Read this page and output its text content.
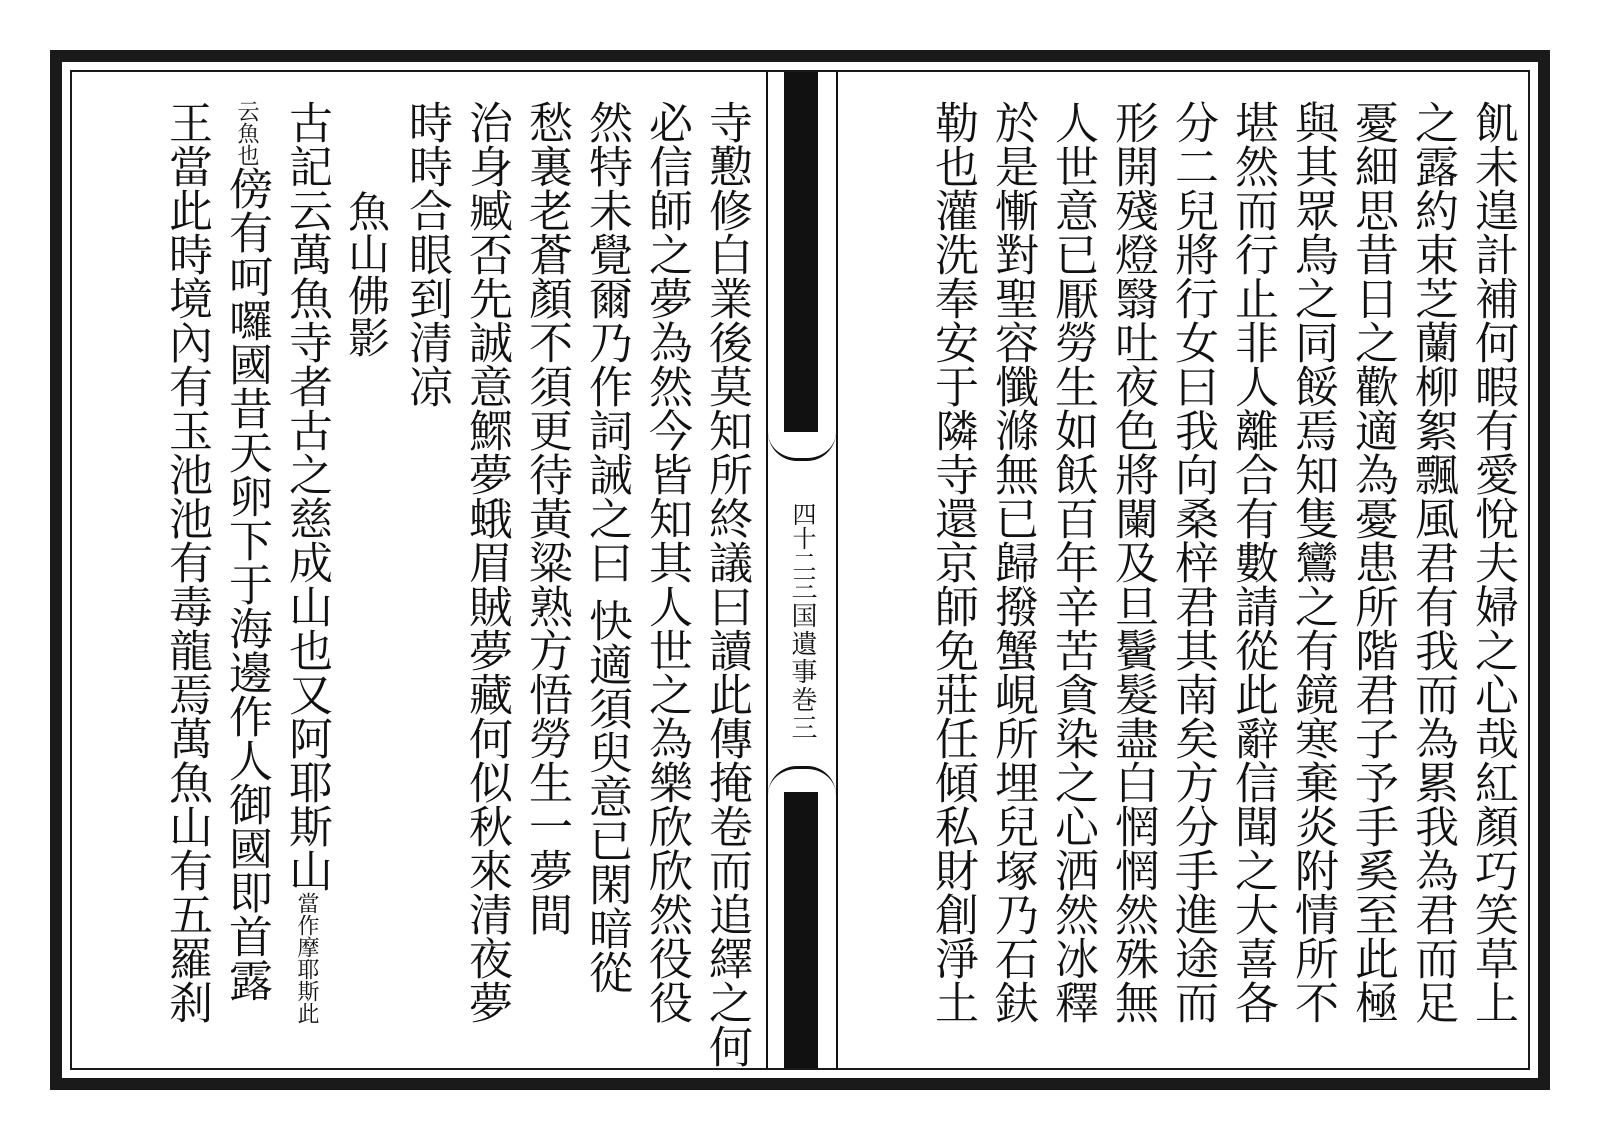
飢未遑計補何暇有愛悅夫婦之心哉紅顏巧笑草上
之露約束芝蘭柳絮飄風君有我而為累我為君而足
憂細思昔日之歡適為憂患所階君子予手奚至此極
與其眾鳥之同餒焉知隻鸞之有鏡寒棄炎附情所不
堪然而行止非人離合有數請從此辭信聞之大喜各
分二兒將行女曰我向桑梓君其南矣方分手進途而
形開殘燈翳吐夜色將闌及旦鬢髮盡白惘惘然殊無
人世意已厭勞生如飫百年辛苦貪染之心洒然冰釋
於是慚對聖容懺滌無已歸撥蟹峴所埋兒塚乃石鈇
勒也灌洗奉安于隣寺還京師免莊任傾私財創淨土
三国遺事巻三
四十二
寺懃修白業後莫知所終議曰讀此傳掩卷而追繹之何
必信師之夢為然今皆知其人世之為樂欣欣然役役
然特未覺爾乃作詞誡之曰 快適須臾意已閑暗從
愁裏老蒼顏不須更待黃粱熟方悟勞生一夢間
治身臧否先誠意鰥夢蛾眉賊夢藏何似秋來清夜夢
時時合眼到清凉
魚山佛影
古記云萬魚寺者古之慈成山也又阿耶斯山當作摩耶斯此
云魚也傍有呵囉國昔天卵下于海邊作人御國即首露
王當此時境內有玉池池有毒龍焉萬魚山有五羅刹
